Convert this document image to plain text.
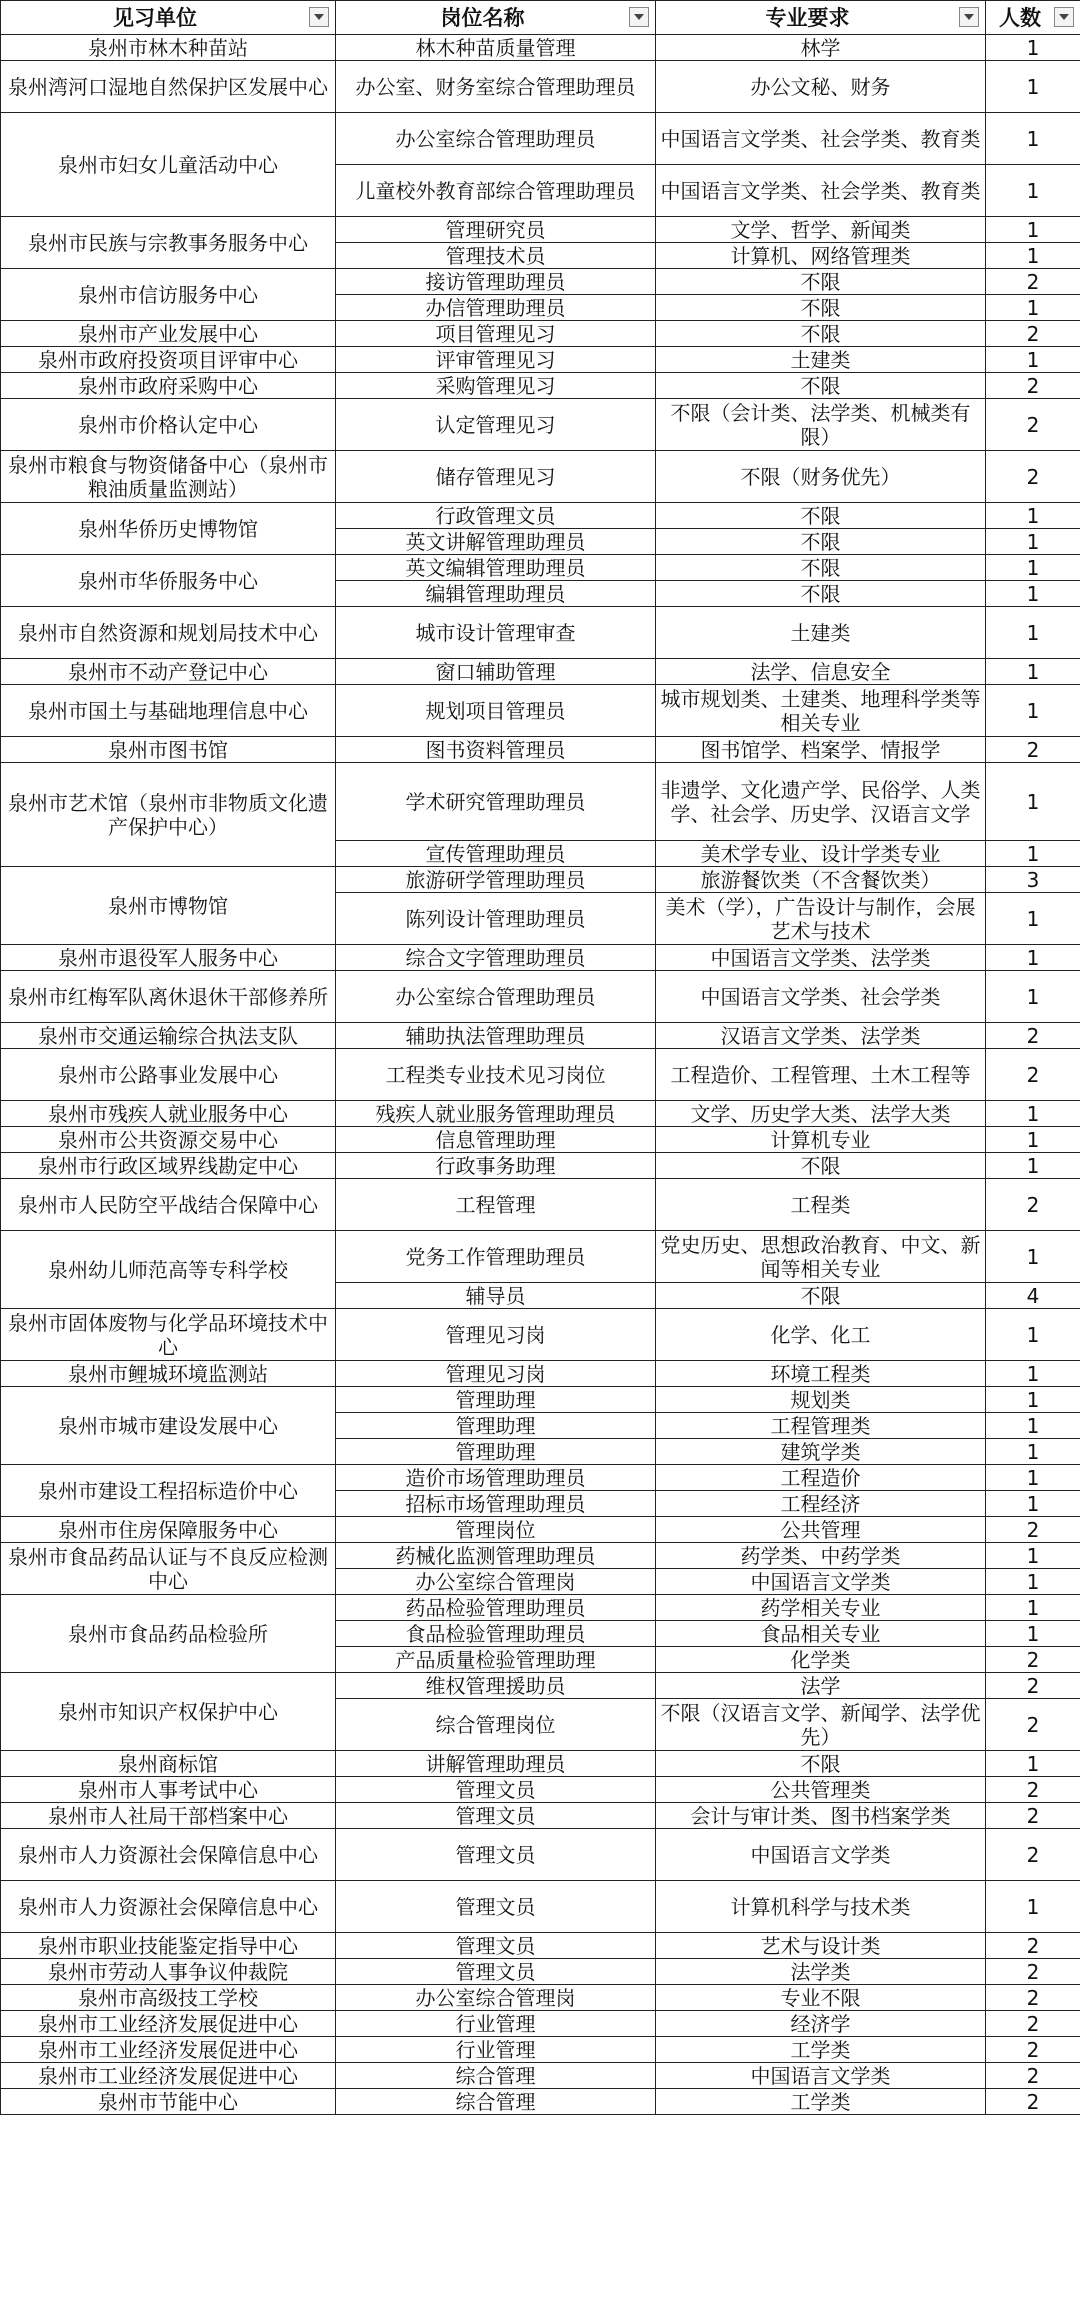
见习单位	岗位名称	专业要求	人数

泉州市林木种苗站	林木种苗质量管理	林学	1
泉州湾河口湿地自然保护区发展中心	办公室、财务室综合管理助理员	办公文秘、财务	1
泉州市妇女儿童活动中心	办公室综合管理助理员	中国语言文学类、社会学类、教育类	1
	儿童校外教育部综合管理助理员	中国语言文学类、社会学类、教育类	1
泉州市民族与宗教事务服务中心	管理研究员	文学、哲学、新闻类	1
	管理技术员	计算机、网络管理类	1
泉州市信访服务中心	接访管理助理员	不限	2
	办信管理助理员	不限	1
泉州市产业发展中心	项目管理见习	不限	2
泉州市政府投资项目评审中心	评审管理见习	土建类	1
泉州市政府采购中心	采购管理见习	不限	2
泉州市价格认定中心	认定管理见习	不限（会计类、法学类、机械类有限）	2
泉州市粮食与物资储备中心（泉州市粮油质量监测站）	储存管理见习	不限（财务优先）	2
泉州华侨历史博物馆	行政管理文员	不限	1
	英文讲解管理助理员	不限	1
泉州市华侨服务中心	英文编辑管理助理员	不限	1
	编辑管理助理员	不限	1
泉州市自然资源和规划局技术中心	城市设计管理审查	土建类	1
泉州市不动产登记中心	窗口辅助管理	法学、信息安全	1
泉州市国土与基础地理信息中心	规划项目管理员	城市规划类、土建类、地理科学类等相关专业	1
泉州市图书馆	图书资料管理员	图书馆学、档案学、情报学	2
泉州市艺术馆（泉州市非物质文化遗产保护中心）	学术研究管理助理员	非遗学、文化遗产学、民俗学、人类学、社会学、历史学、汉语言文学	1
	宣传管理助理员	美术学专业、设计学类专业	1
泉州市博物馆	旅游研学管理助理员	旅游餐饮类（不含餐饮类）	3
	陈列设计管理助理员	美术（学），广告设计与制作，会展艺术与技术	1
泉州市退役军人服务中心	综合文字管理助理员	中国语言文学类、法学类	1
泉州市红梅军队离休退休干部修养所	办公室综合管理助理员	中国语言文学类、社会学类	1
泉州市交通运输综合执法支队	辅助执法管理助理员	汉语言文学类、法学类	2
泉州市公路事业发展中心	工程类专业技术见习岗位	工程造价、工程管理、土木工程等	2
泉州市残疾人就业服务中心	残疾人就业服务管理助理员	文学、历史学大类、法学大类	1
泉州市公共资源交易中心	信息管理助理	计算机专业	1
泉州市行政区域界线勘定中心	行政事务助理	不限	1
泉州市人民防空平战结合保障中心	工程管理	工程类	2
泉州幼儿师范高等专科学校	党务工作管理助理员	党史历史、思想政治教育、中文、新闻等相关专业	1
	辅导员	不限	4
泉州市固体废物与化学品环境技术中心	管理见习岗	化学、化工	1
泉州市鲤城环境监测站	管理见习岗	环境工程类	1
泉州市城市建设发展中心	管理助理	规划类	1
	管理助理	工程管理类	1
	管理助理	建筑学类	1
泉州市建设工程招标造价中心	造价市场管理助理员	工程造价	1
	招标市场管理助理员	工程经济	1
泉州市住房保障服务中心	管理岗位	公共管理	2
泉州市食品药品认证与不良反应检测中心	药械化监测管理助理员	药学类、中药学类	1
	办公室综合管理岗	中国语言文学类	1
泉州市食品药品检验所	药品检验管理助理员	药学相关专业	1
	食品检验管理助理员	食品相关专业	1
	产品质量检验管理助理	化学类	2
泉州市知识产权保护中心	维权管理援助员	法学	2
	综合管理岗位	不限（汉语言文学、新闻学、法学优先）	2
泉州商标馆	讲解管理助理员	不限	1
泉州市人事考试中心	管理文员	公共管理类	2
泉州市人社局干部档案中心	管理文员	会计与审计类、图书档案学类	2
泉州市人力资源社会保障信息中心	管理文员	中国语言文学类	2
泉州市人力资源社会保障信息中心	管理文员	计算机科学与技术类	1
泉州市职业技能鉴定指导中心	管理文员	艺术与设计类	2
泉州市劳动人事争议仲裁院	管理文员	法学类	2
泉州市高级技工学校	办公室综合管理岗	专业不限	2
泉州市工业经济发展促进中心	行业管理	经济学	2
泉州市工业经济发展促进中心	行业管理	工学类	2
泉州市工业经济发展促进中心	综合管理	中国语言文学类	2
泉州市节能中心	综合管理	工学类	2
